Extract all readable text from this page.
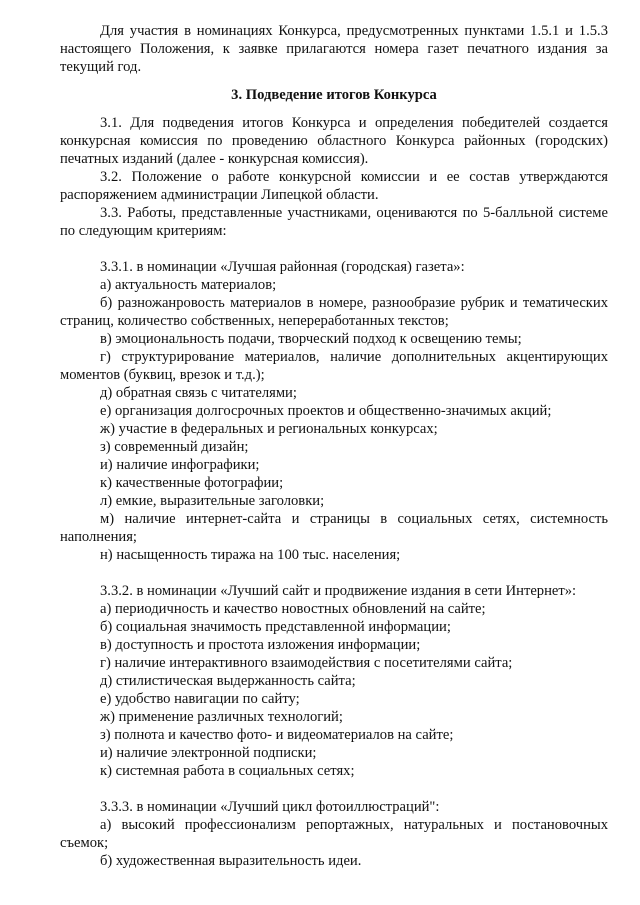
Для участия в номинациях Конкурса, предусмотренных пунктами 1.5.1 и 1.5.3 настоящего Положения, к заявке прилагаются номера газет печатного издания за текущий год.

3. Подведение итогов Конкурса

3.1. Для подведения итогов Конкурса и определения победителей создается конкурсная комиссия по проведению областного Конкурса районных (городских) печатных изданий (далее - конкурсная комиссия).

3.2. Положение о работе конкурсной комиссии и ее состав утверждаются распоряжением администрации Липецкой области.

3.3. Работы, представленные участниками, оцениваются по 5-балльной системе по следующим критериям:

3.3.1. в номинации «Лучшая районная (городская) газета»:

а) актуальность материалов;

б) разножанровость материалов в номере, разнообразие рубрик и тематических страниц, количество собственных, непереработанных текстов;

в) эмоциональность подачи, творческий подход к освещению темы;

г) структурирование материалов, наличие дополнительных акцентирующих моментов (буквиц, врезок и т.д.);

д) обратная связь с читателями;

е) организация долгосрочных проектов и общественно-значимых акций;

ж) участие в федеральных и региональных конкурсах;

з) современный дизайн;

и) наличие инфографики;

к) качественные фотографии;

л) емкие, выразительные заголовки;

м) наличие интернет-сайта и страницы в социальных сетях, системность наполнения;

н) насыщенность тиража на 100 тыс. населения;

3.3.2. в номинации «Лучший сайт и продвижение издания в сети Интернет»:

а) периодичность и качество новостных обновлений на сайте;

б) социальная значимость представленной информации;

в) доступность и простота изложения информации;

г) наличие интерактивного взаимодействия с посетителями сайта;

д) стилистическая выдержанность сайта;

е) удобство навигации по сайту;

ж) применение различных технологий;

з) полнота и качество фото- и видеоматериалов на сайте;

и) наличие электронной подписки;

к) системная работа в социальных сетях;

3.3.3. в номинации «Лучший цикл фотоиллюстраций":

а) высокий профессионализм репортажных, натуральных и постановочных съемок;

б) художественная выразительность идеи.
